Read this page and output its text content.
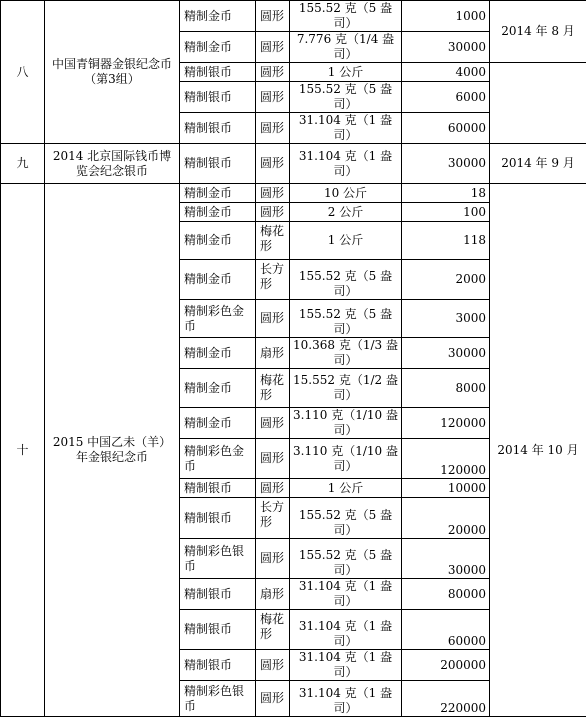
八	中国青铜器金银纪念币（第3组）	精制金币	圆形	155.52 克（5 盎司）	1000	2014 年 8 月
		精制金币	圆形	7.776 克（1/4 盎司）	30000	
		精制银币	圆形	1 公斤	4000	
		精制银币	圆形	155.52 克（5 盎司）	6000	
		精制银币	圆形	31.104 克（1 盎司）	60000	
九	2014 北京国际钱币博览会纪念银币	精制银币	圆形	31.104 克（1 盎司）	30000	2014 年 9 月
十	2015 中国乙未（羊）年金银纪念币	精制金币	圆形	10 公斤	18	2014 年 10 月
		精制金币	圆形	2 公斤	100	
		精制金币	梅花形	1 公斤	118	
		精制金币	长方形	155.52 克（5 盎司）	2000	
		精制彩色金币	圆形	155.52 克（5 盎司）	3000	
		精制金币	扇形	10.368 克（1/3 盎司）	30000	
		精制金币	梅花形	15.552 克（1/2 盎司）	8000	
		精制金币	圆形	3.110 克（1/10 盎司）	120000	
		精制彩色金币	圆形	3.110 克（1/10 盎司）	120000	
		精制银币	圆形	1 公斤	10000	
		精制银币	长方形	155.52 克（5 盎司）	20000	
		精制彩色银币	圆形	155.52 克（5 盎司）	30000	
		精制银币	扇形	31.104 克（1 盎司）	80000	
		精制银币	梅花形	31.104 克（1 盎司）	60000	
		精制银币	圆形	31.104 克（1 盎司）	200000	
		精制彩色银币	圆形	31.104 克（1 盎司）	220000	
